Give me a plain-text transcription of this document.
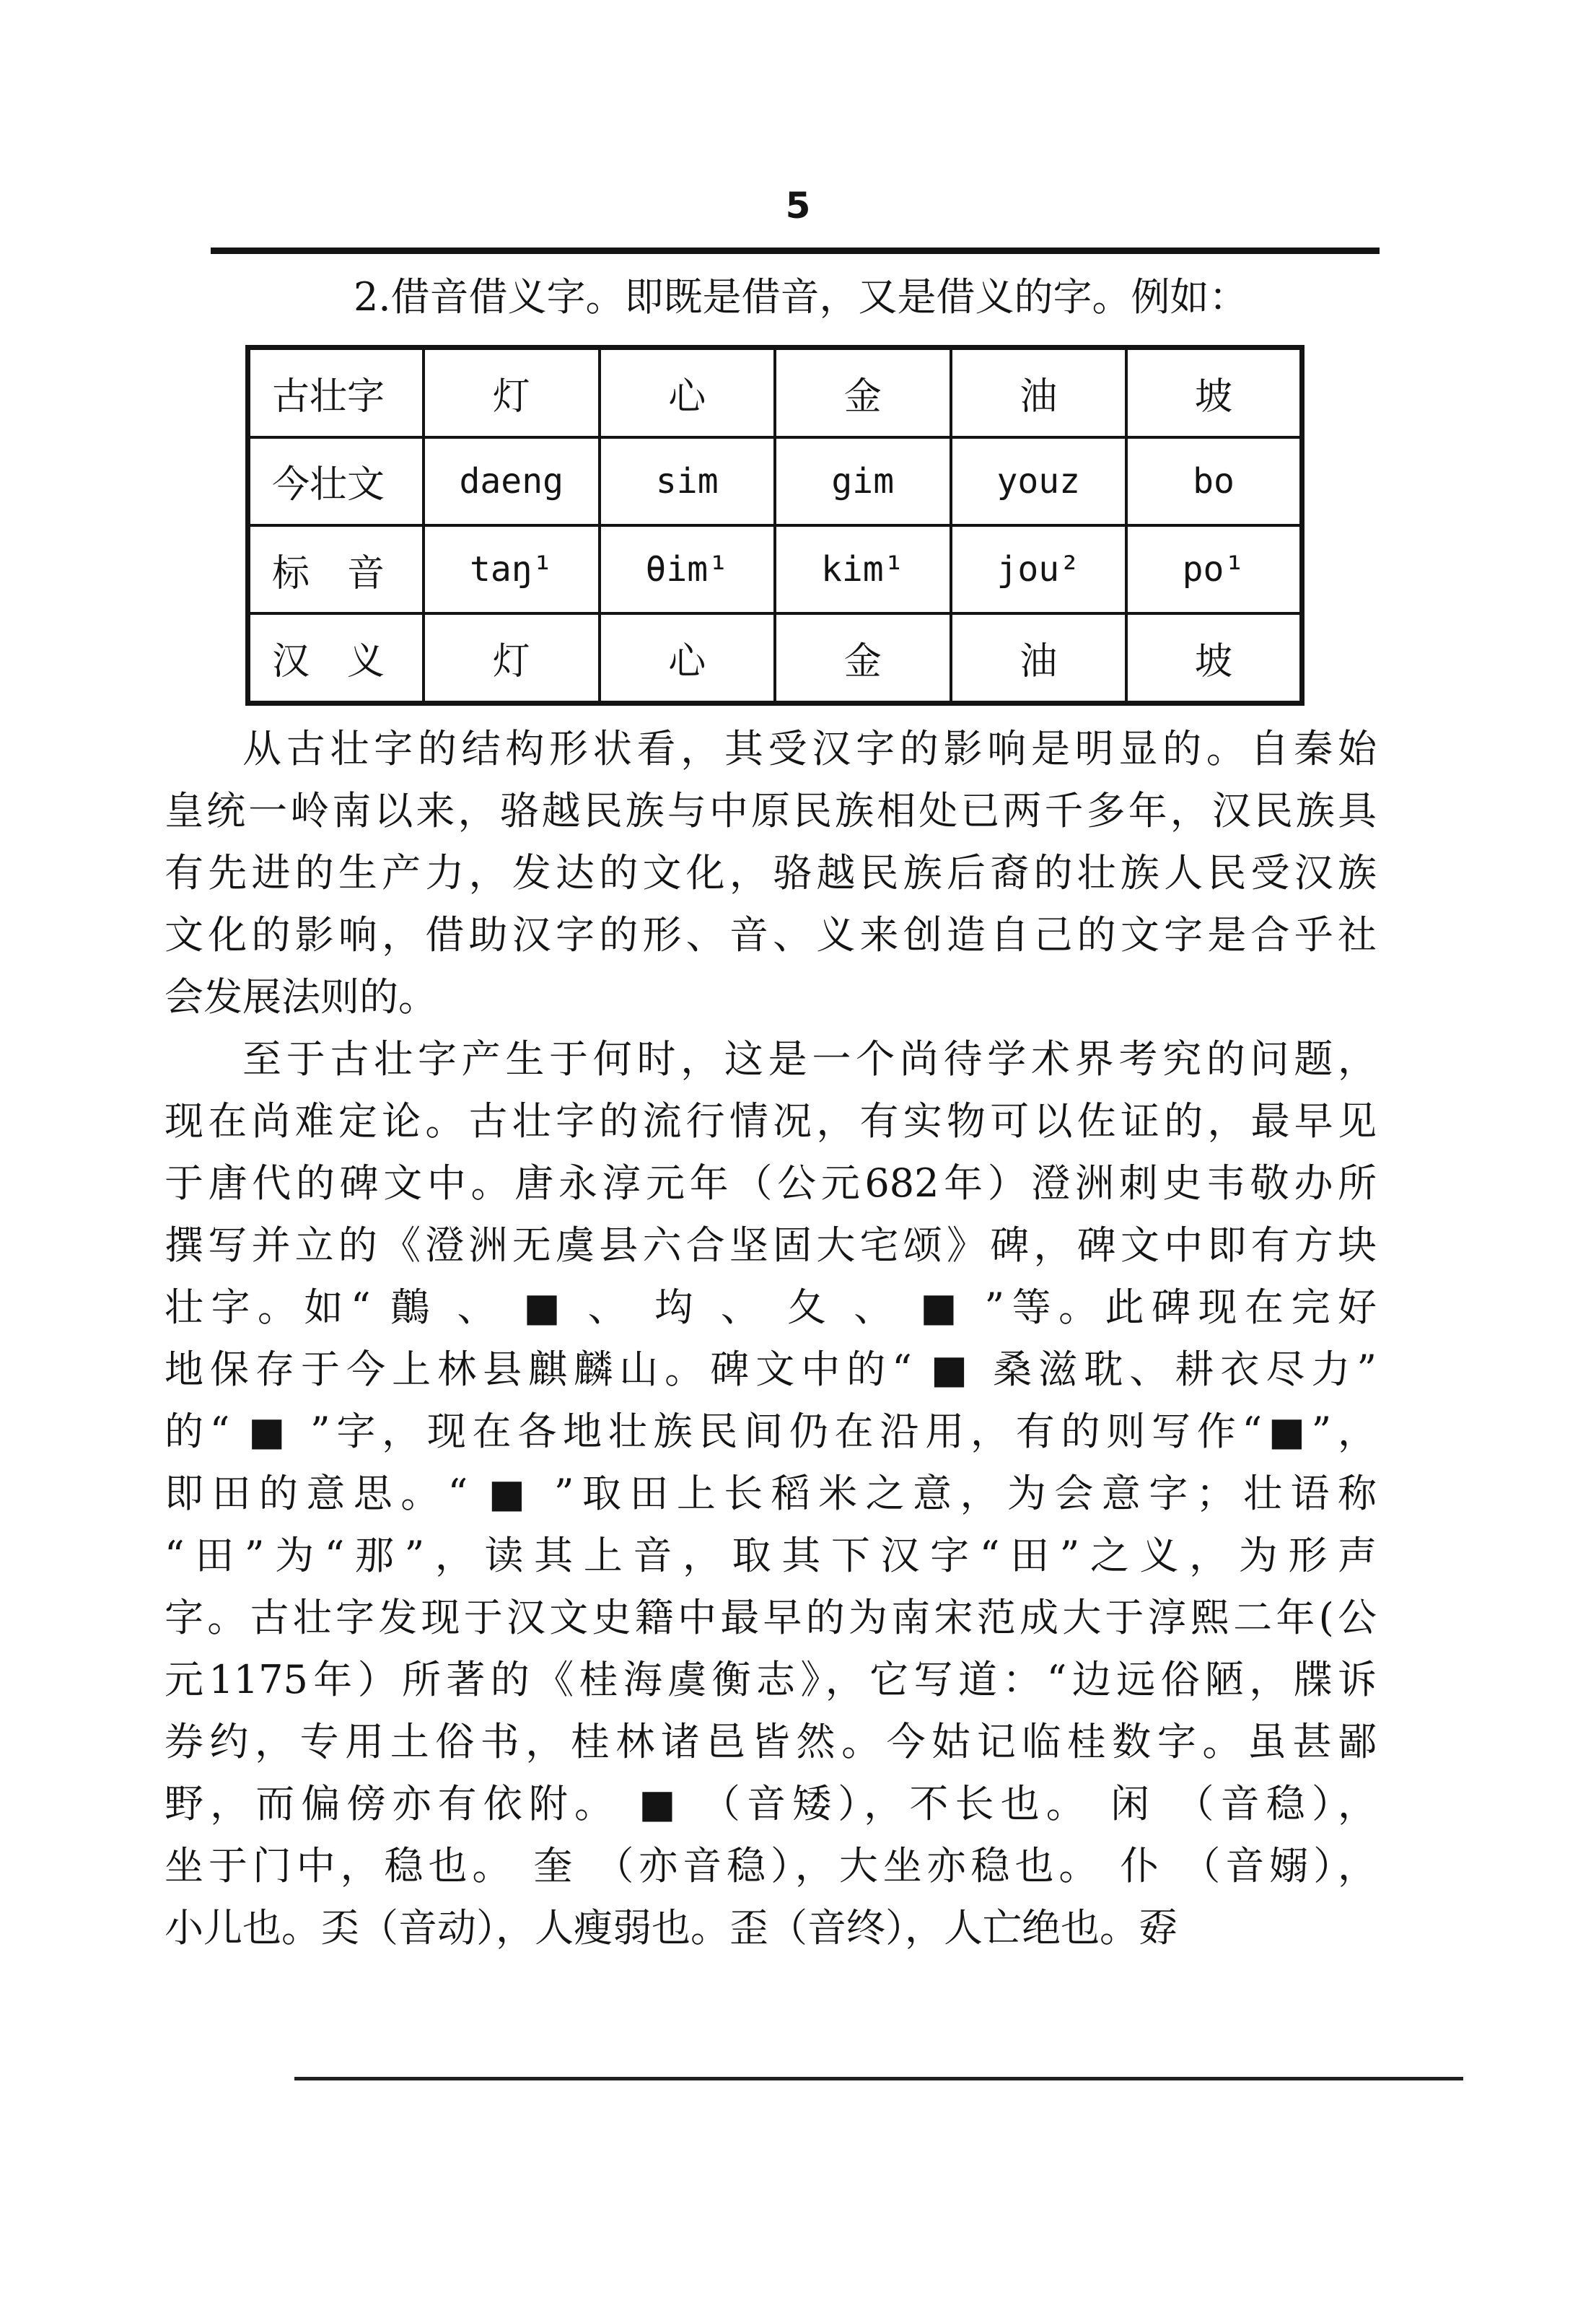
5
2.借音借义字。即既是借音，又是借义的字。例如：
古壮字	灯	心	金	油	坡
今壮文	daeng	sim	gim	youz	bo
标　音	taŋ¹	θim¹	kim¹	jou²	po¹
汉　义	灯	心	金	油	坡
从古壮字的结构形状看，其受汉字的影响是明显的。自秦始
皇统一岭南以来，骆越民族与中原民族相处已两千多年，汉民族具
有先进的生产力，发达的文化，骆越民族后裔的壮族人民受汉族
文化的影响，借助汉字的形、音、义来创造自己的文字是合乎社
会发展法则的。
至于古壮字产生于何时，这是一个尚待学术界考究的问题，
现在尚难定论。古壮字的流行情况，有实物可以佐证的，最早见
于唐代的碑文中。唐永淳元年（公元682年）澄洲刺史韦敬办所
撰写并立的《澄洲无虞县六合坚固大宅颂》碑，碑文中即有方块
壮字。如“ 䴅 、 ■ 、 㘬 、 夂 、 ■ ”等。此碑现在完好
地保存于今上林县麒麟山。碑文中的“ ■ 桑滋耽、耕衣尽力”
的“ ■ ”字，现在各地壮族民间仍在沿用，有的则写作“■”，
即田的意思。“ ■ ”取田上长稻米之意，为会意字；壮语称
“田”为“那”，读其上音，取其下汉字“田”之义，为形声
字。古壮字发现于汉文史籍中最早的为南宋范成大于淳熙二年(公
元1175年）所著的《桂海虞衡志》，它写道：“边远俗陋，牒诉
券约，专用土俗书，桂林诸邑皆然。今姑记临桂数字。虽甚鄙
野，而偏傍亦有依附。 ■ （音矮），不长也。 闲 （音稳），
坐于门中，稳也。 奎 （亦音稳），大坐亦稳也。 仆 （音嫋），
小儿也。奀（音动），人瘦弱也。歪（音终），人亡绝也。孬
